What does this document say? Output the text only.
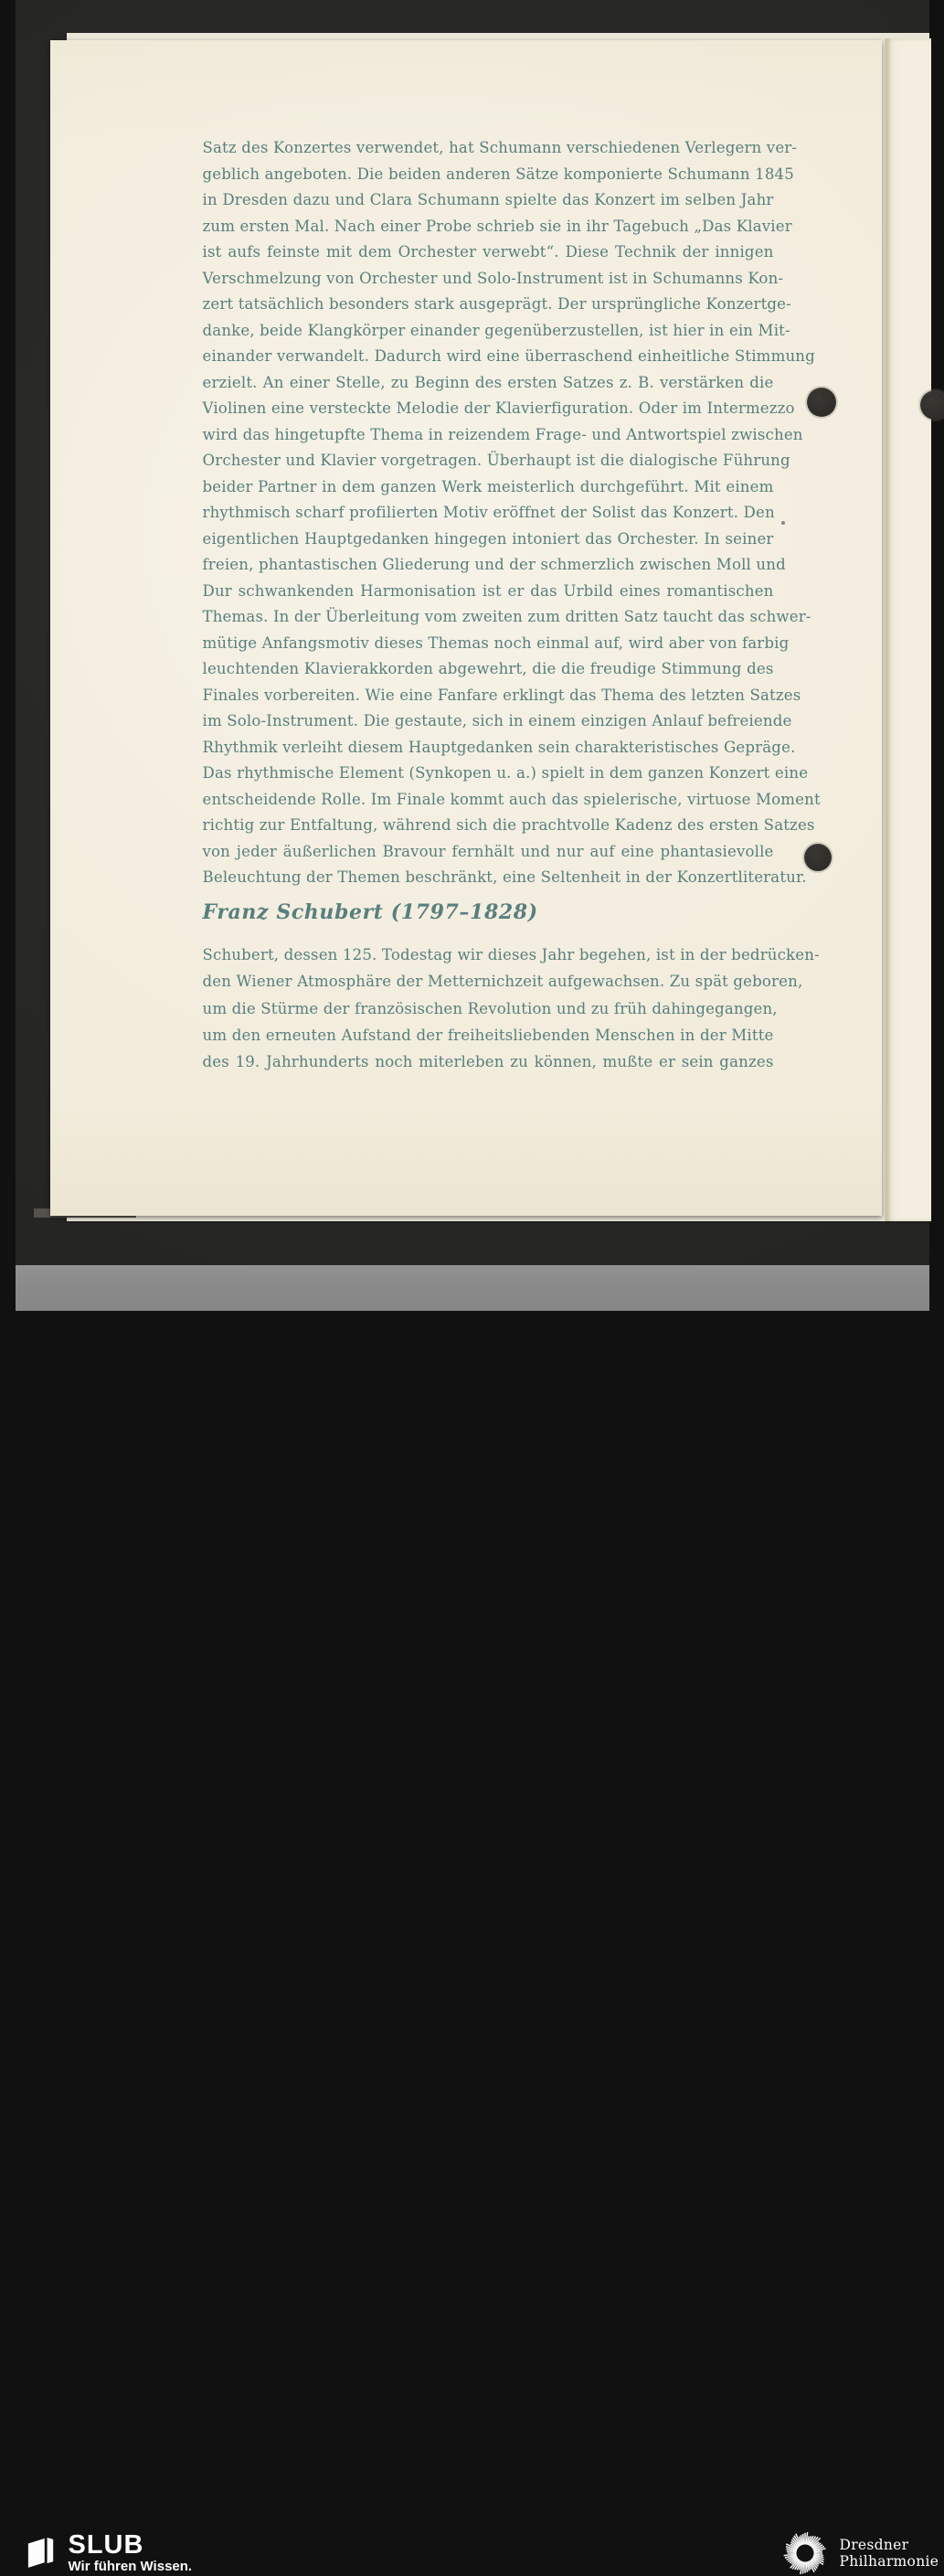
Satz des Konzertes verwendet, hat Schumann verschiedenen Verlegern ver-
geblich angeboten. Die beiden anderen Sätze komponierte Schumann 1845
in Dresden dazu und Clara Schumann spielte das Konzert im selben Jahr
zum ersten Mal. Nach einer Probe schrieb sie in ihr Tagebuch „Das Klavier
ist aufs feinste mit dem Orchester verwebt“. Diese Technik der innigen
Verschmelzung von Orchester und Solo-Instrument ist in Schumanns Kon-
zert tatsächlich besonders stark ausgeprägt. Der ursprüngliche Konzertge-
danke, beide Klangkörper einander gegenüberzustellen, ist hier in ein Mit-
einander verwandelt. Dadurch wird eine überraschend einheitliche Stimmung
erzielt. An einer Stelle, zu Beginn des ersten Satzes z. B. verstärken die
Violinen eine versteckte Melodie der Klavierfiguration. Oder im Intermezzo
wird das hingetupfte Thema in reizendem Frage- und Antwortspiel zwischen
Orchester und Klavier vorgetragen. Überhaupt ist die dialogische Führung
beider Partner in dem ganzen Werk meisterlich durchgeführt. Mit einem
rhythmisch scharf profilierten Motiv eröffnet der Solist das Konzert. Den
eigentlichen Hauptgedanken hingegen intoniert das Orchester. In seiner
freien, phantastischen Gliederung und der schmerzlich zwischen Moll und
Dur schwankenden Harmonisation ist er das Urbild eines romantischen
Themas. In der Überleitung vom zweiten zum dritten Satz taucht das schwer-
mütige Anfangsmotiv dieses Themas noch einmal auf, wird aber von farbig
leuchtenden Klavierakkorden abgewehrt, die die freudige Stimmung des
Finales vorbereiten. Wie eine Fanfare erklingt das Thema des letzten Satzes
im Solo-Instrument. Die gestaute, sich in einem einzigen Anlauf befreiende
Rhythmik verleiht diesem Hauptgedanken sein charakteristisches Gepräge.
Das rhythmische Element (Synkopen u. a.) spielt in dem ganzen Konzert eine
entscheidende Rolle. Im Finale kommt auch das spielerische, virtuose Moment
richtig zur Entfaltung, während sich die prachtvolle Kadenz des ersten Satzes
von jeder äußerlichen Bravour fernhält und nur auf eine phantasievolle
Beleuchtung der Themen beschränkt, eine Seltenheit in der Konzertliteratur.
Franz Schubert (1797–1828)
Schubert, dessen 125. Todestag wir dieses Jahr begehen, ist in der bedrücken-
den Wiener Atmosphäre der Metternichzeit aufgewachsen. Zu spät geboren,
um die Stürme der französischen Revolution und zu früh dahingegangen,
um den erneuten Aufstand der freiheitsliebenden Menschen in der Mitte
des 19. Jahrhunderts noch miterleben zu können, mußte er sein ganzes
SLUB
Wir führen Wissen.
Dresdner
Philharmonie
